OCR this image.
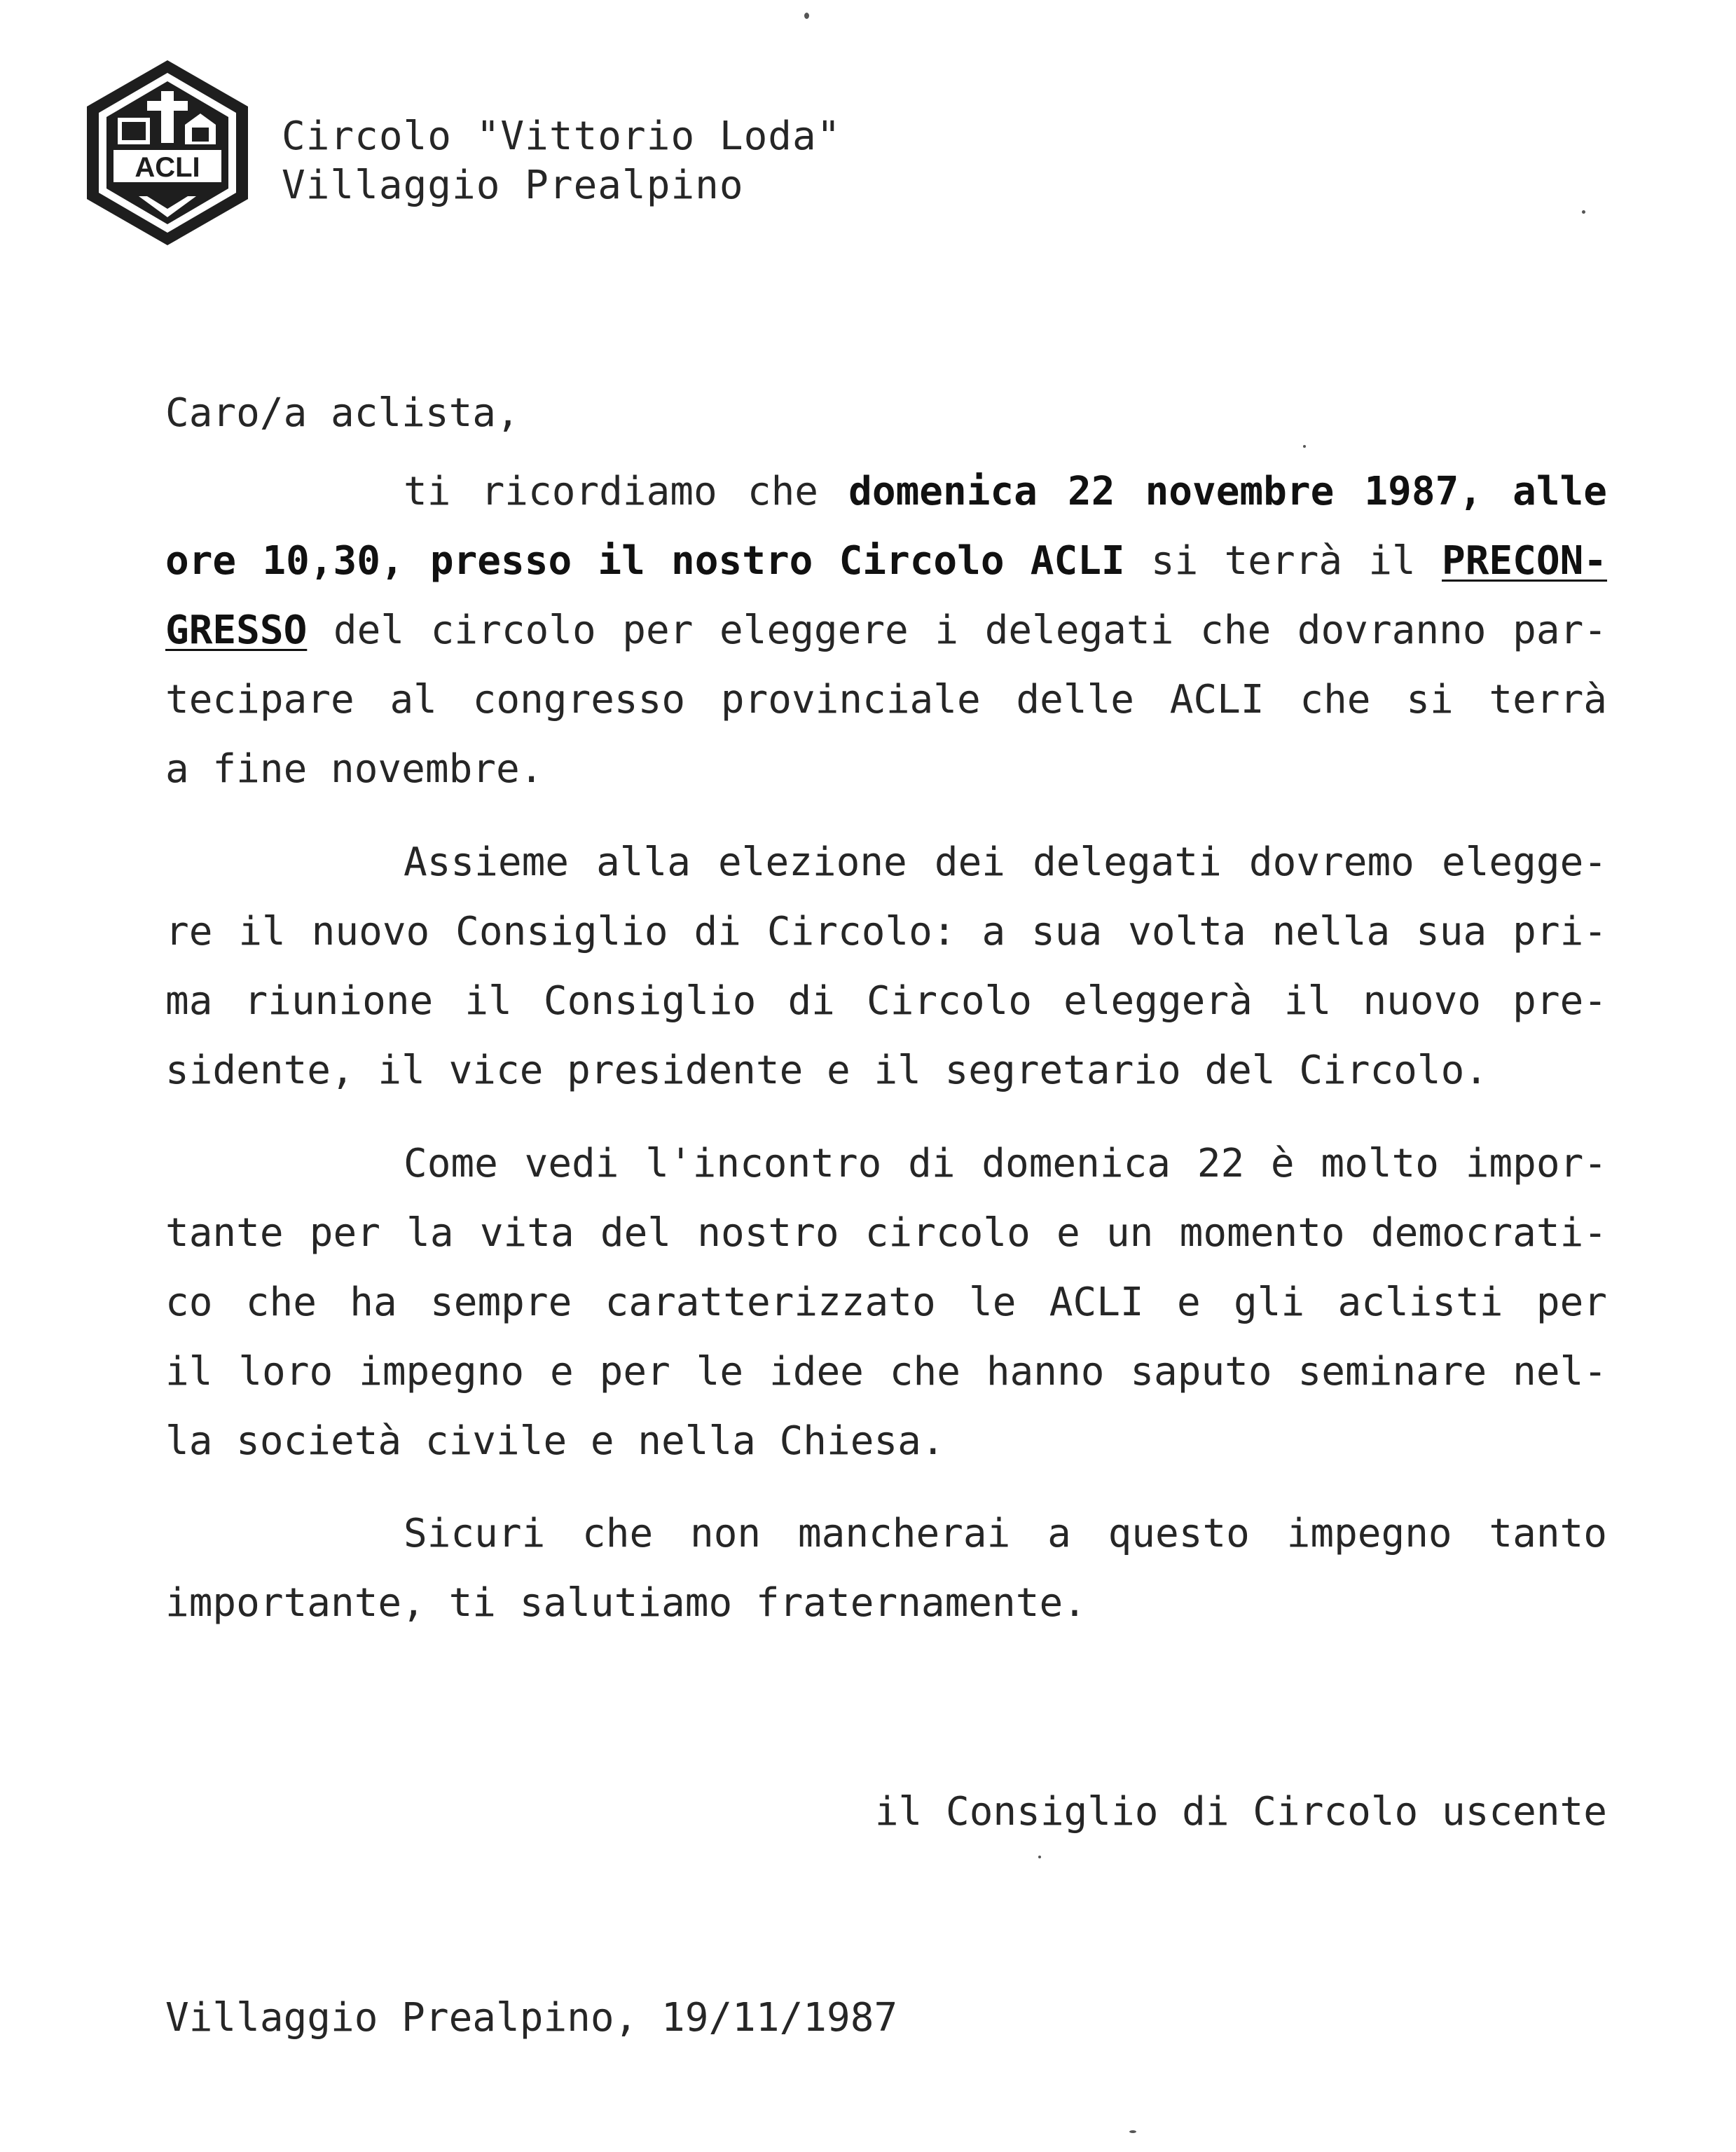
ACLI
Circolo "Vittorio Loda"
Villaggio Prealpino
Caro/a aclista,
ti ricordiamo che domenica 22 novembre 1987, alle
ore 10,30, presso il nostro Circolo ACLI si terrà il PRECON-
GRESSO del circolo per eleggere i delegati che dovranno par-
tecipare al congresso provinciale delle ACLI che si terrà
a fine novembre.
Assieme alla elezione dei delegati dovremo elegge-
re il nuovo Consiglio di Circolo: a sua volta nella sua pri-
ma riunione il Consiglio di Circolo eleggerà il nuovo pre-
sidente, il vice presidente e il segretario del Circolo.
Come vedi l'incontro di domenica 22 è molto impor-
tante per la vita del nostro circolo e un momento democrati-
co che ha sempre caratterizzato le ACLI e gli aclisti per
il loro impegno e per le idee che hanno saputo seminare nel-
la società civile e nella Chiesa.
Sicuri che non mancherai a questo impegno tanto
importante, ti salutiamo fraternamente.
il Consiglio di Circolo uscente
Villaggio Prealpino, 19/11/1987
